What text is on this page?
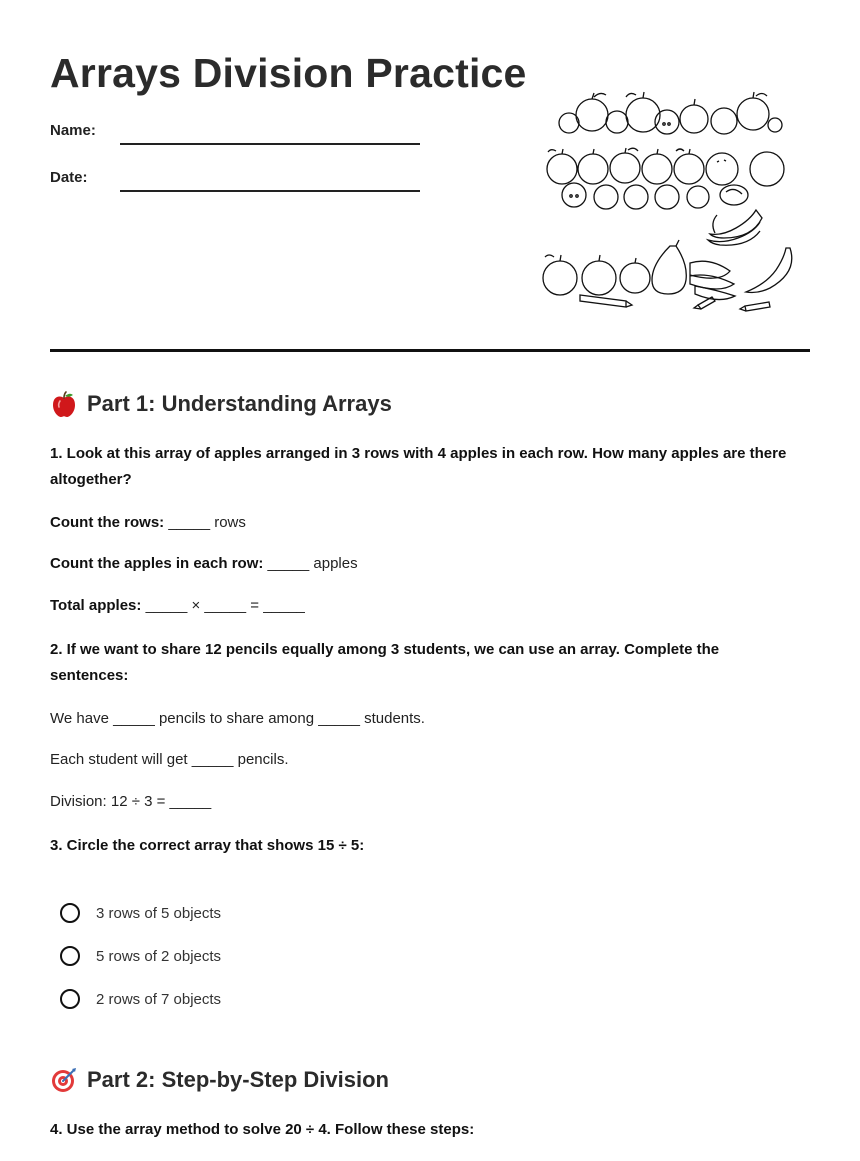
Arrays Division Practice
Name:
Date:
Part 1: Understanding Arrays
1. Look at this array of apples arranged in 3 rows with 4 apples in each row. How many apples are there altogether?
Count the rows: _____ rows
Count the apples in each row: _____ apples
Total apples: _____ × _____ = _____
2. If we want to share 12 pencils equally among 3 students, we can use an array. Complete the sentences:
We have _____ pencils to share among _____ students.
Each student will get _____ pencils.
Division: 12 ÷ 3 = _____
3. Circle the correct array that shows 15 ÷ 5:
3 rows of 5 objects
5 rows of 2 objects
2 rows of 7 objects
Part 2: Step-by-Step Division
4. Use the array method to solve 20 ÷ 4. Follow these steps:
